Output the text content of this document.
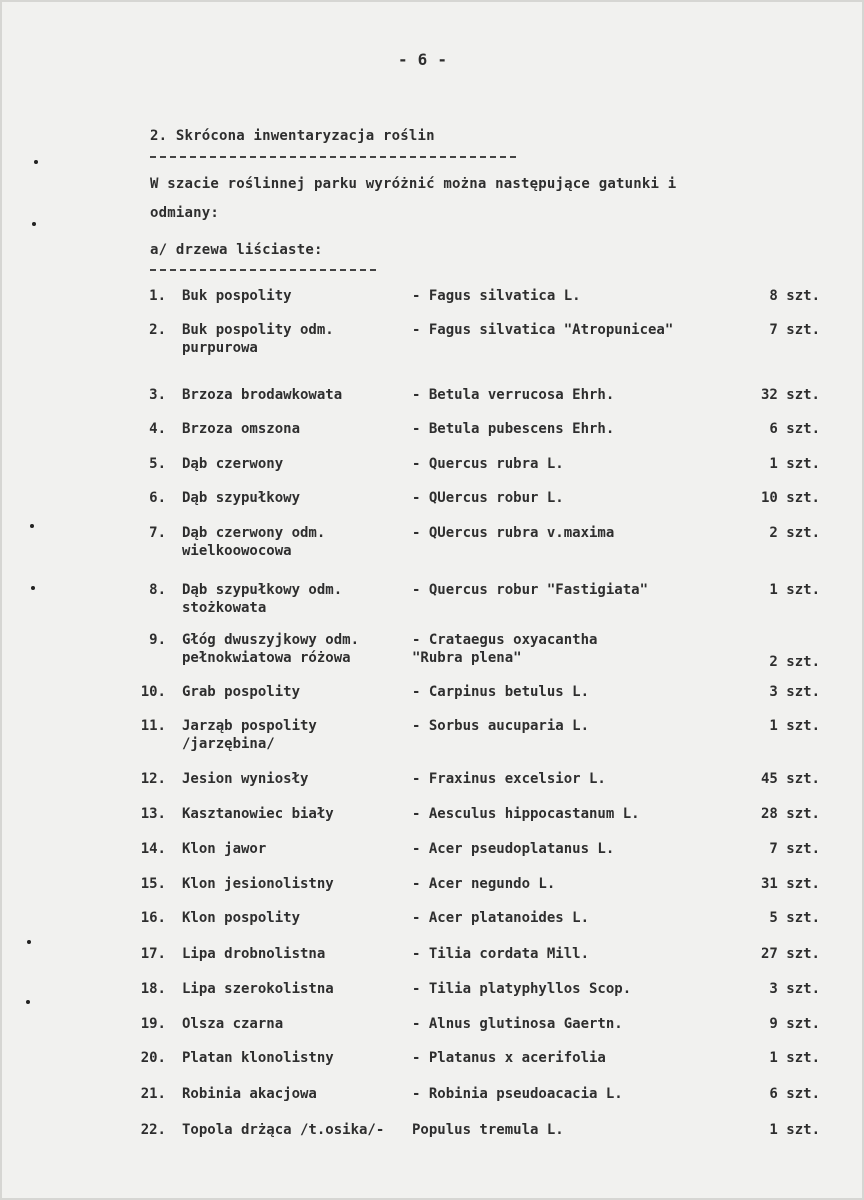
- 6 -
2. Skrócona inwentaryzacja roślin
W szacie roślinnej parku wyróżnić można następujące gatunki i
odmiany:
a/ drzewa liściaste:
1. Buk pospolity	- Fagus silvatica L.	8 szt.
2. Buk pospolity odm.
purpurowa
- Fagus silvatica "Atropunicea"	7 szt.
3. Brzoza brodawkowata	- Betula verrucosa Ehrh.	32 szt.
4. Brzoza omszona	- Betula pubescens Ehrh.	6 szt.
5. Dąb czerwony	- Quercus rubra L.	1 szt.
6. Dąb szypułkowy	- QUercus robur L.	10 szt.
7. Dąb czerwony odm.
wielkoowocowa
- QUercus rubra v.maxima	2 szt.
8. Dąb szypułkowy odm.
stożkowata
- Quercus robur "Fastigiata"	1 szt.
9. Głóg dwuszyjkowy odm.
pełnokwiatowa różowa
- Crataegus oxyacantha
"Rubra plena"	2 szt.
10. Grab pospolity	- Carpinus betulus L.	3 szt.
11. Jarząb pospolity
/jarzębina/
- Sorbus aucuparia L.	1 szt.
12. Jesion wyniosły	- Fraxinus excelsior L.	45 szt.
13. Kasztanowiec biały	- Aesculus hippocastanum L.	28 szt.
14. Klon jawor	- Acer pseudoplatanus L.	7 szt.
15. Klon jesionolistny	- Acer negundo L.	31 szt.
16. Klon pospolity	- Acer platanoides L.	5 szt.
17. Lipa drobnolistna	- Tilia cordata Mill.	27 szt.
18. Lipa szerokolistna	- Tilia platyphyllos Scop.	3 szt.
19. Olsza czarna	- Alnus glutinosa Gaertn.	9 szt.
20. Platan klonolistny	- Platanus x acerifolia	1 szt.
21. Robinia akacjowa	- Robinia pseudoacacia L.	6 szt.
22. Topola drżąca /t.osika/- Populus tremula L.	1 szt.
